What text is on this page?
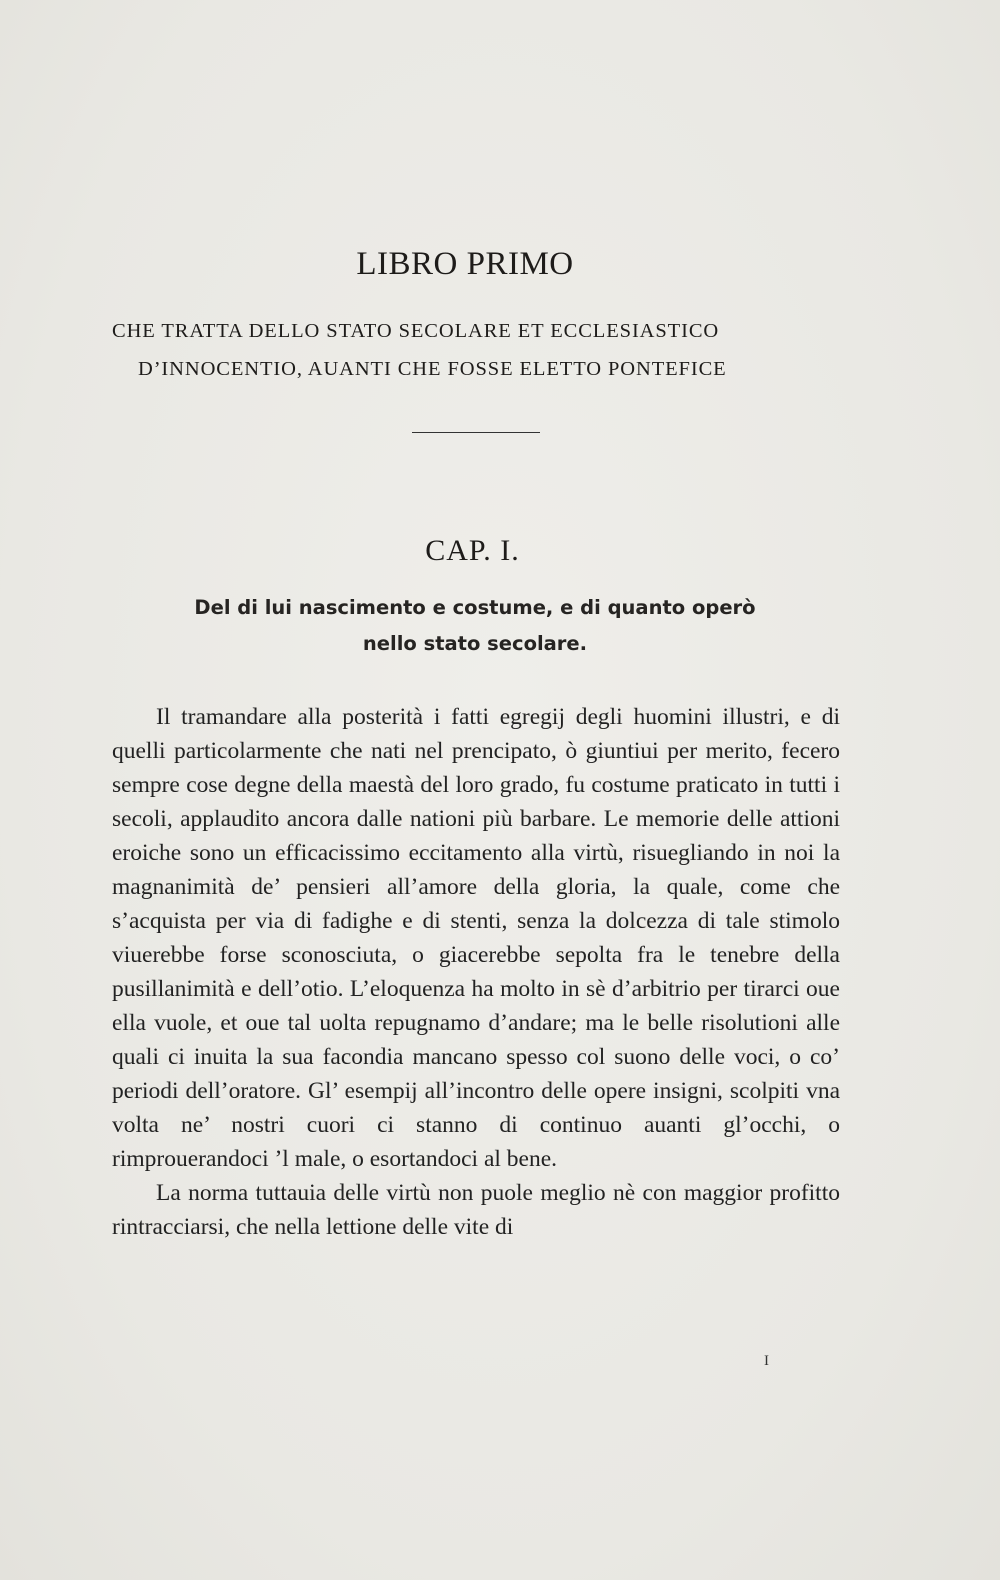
LIBRO PRIMO
CHE TRATTA DELLO STATO SECOLARE ET ECCLESIASTICO
D’INNOCENTIO, AUANTI CHE FOSSE ELETTO PONTEFICE
CAP. I.
Del di lui nascimento e costume, e di quanto operò
nello stato secolare.

Il tramandare alla posterità i fatti egregij degli huomini illustri, e di quelli particolarmente che nati nel prencipato, ò giuntiui per merito, fecero sempre cose degne della maestà del loro grado, fu costume praticato in tutti i secoli, applaudito ancora dalle nationi più barbare. Le memorie delle attioni eroiche sono un efficacissimo eccitamento alla virtù, risuegliando in noi la magnanimità de’ pensieri all’amore della gloria, la quale, come che s’acquista per via di fadighe e di stenti, senza la dolcezza di tale stimolo viuerebbe forse sconosciuta, o giacerebbe sepolta fra le tenebre della pusillanimità e dell’otio. L’eloquenza ha molto in sè d’arbitrio per tirarci oue ella vuole, et oue tal uolta repugnamo d’andare; ma le belle risolutioni alle quali ci inuita la sua facondia mancano spesso col suono delle voci, o co’ periodi dell’oratore. Gl’ esempij all’incontro delle opere insigni, scolpiti vna volta ne’ nostri cuori ci stanno di continuo auanti gl’occhi, o rimprouerandoci ’l male, o esortandoci al bene.

La norma tuttauia delle virtù non puole meglio nè con maggior profitto rintracciarsi, che nella lettione delle vite di

I
